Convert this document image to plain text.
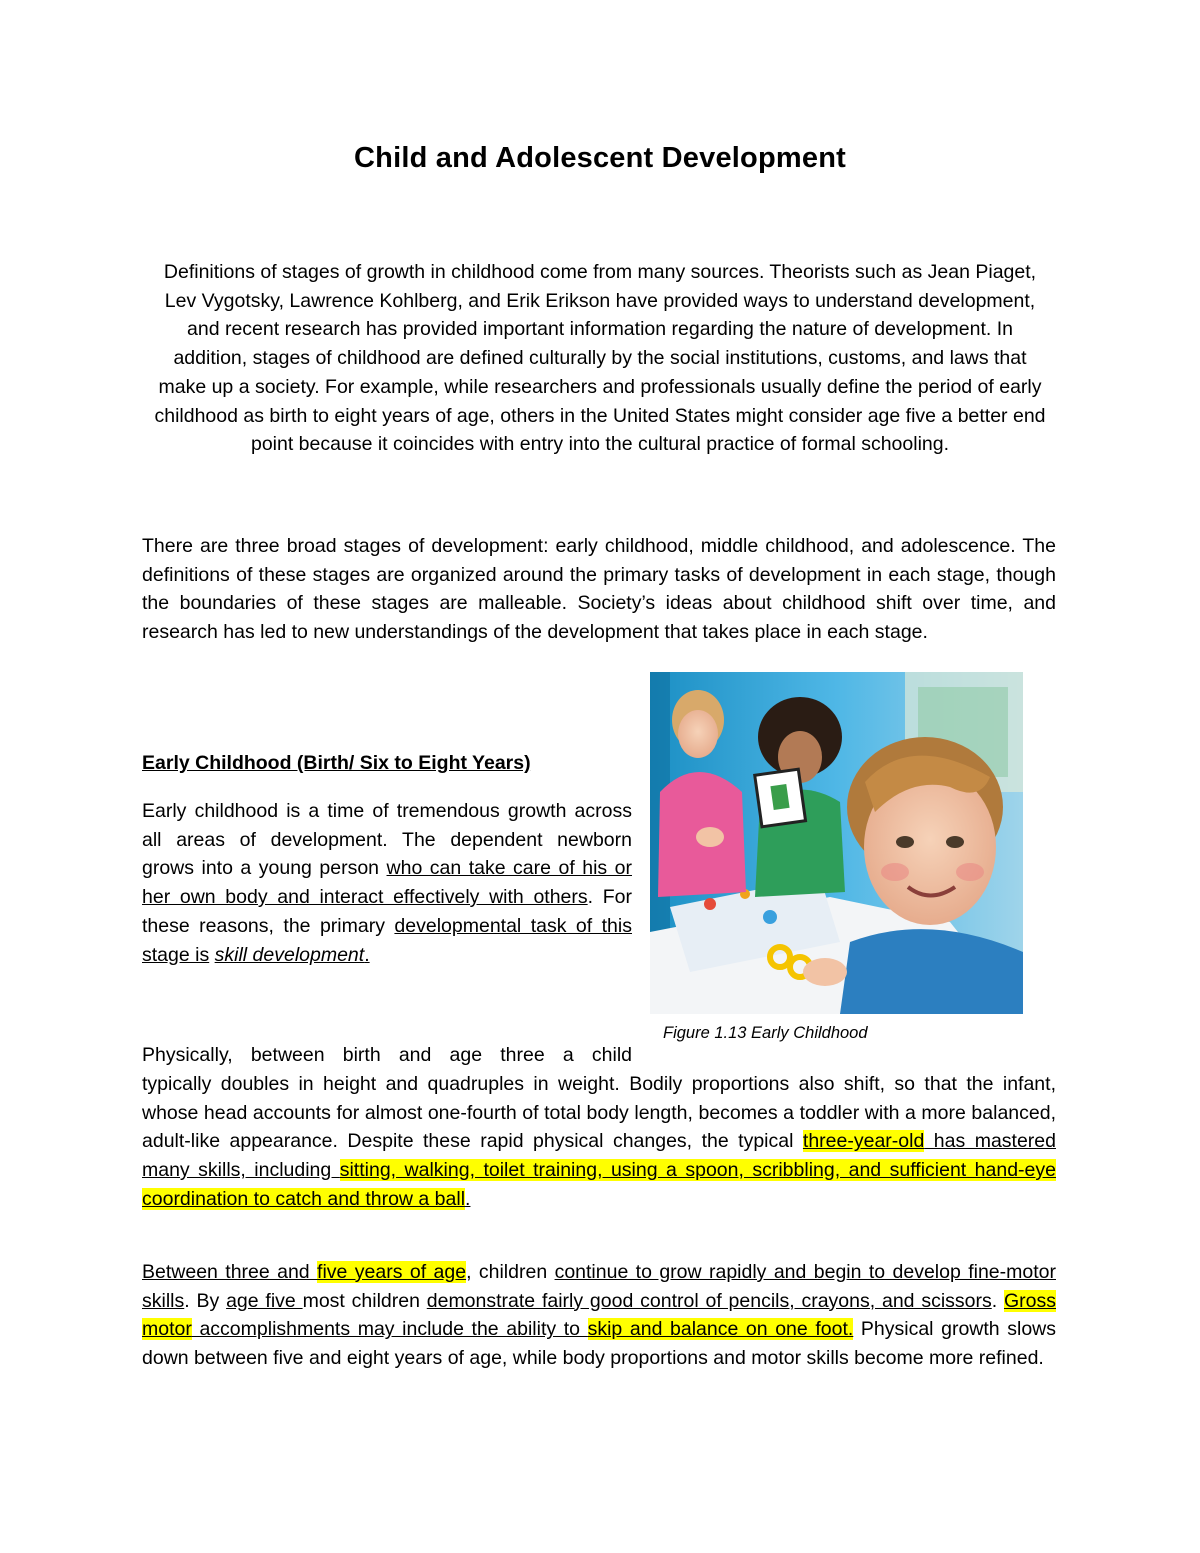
Child and Adolescent Development

Definitions of stages of growth in childhood come from many sources. Theorists such as Jean Piaget, Lev Vygotsky, Lawrence Kohlberg, and Erik Erikson have provided ways to understand development, and recent research has provided important information regarding the nature of development. In addition, stages of childhood are defined culturally by the social institutions, customs, and laws that make up a society. For example, while researchers and professionals usually define the period of early childhood as birth to eight years of age, others in the United States might consider age five a better end point because it coincides with entry into the cultural practice of formal schooling.

There are three broad stages of development: early childhood, middle childhood, and adolescence. The definitions of these stages are organized around the primary tasks of development in each stage, though the boundaries of these stages are malleable. Society’s ideas about childhood shift over time, and research has led to new understandings of the development that takes place in each stage.

Early Childhood (Birth/ Six to Eight Years)

Early childhood is a time of tremendous growth across all areas of development. The dependent newborn grows into a young person who can take care of his or her own body and interact effectively with others. For these reasons, the primary developmental task of this stage is skill development.

Figure 1.13 Early Childhood

Physically, between birth and age three a child

typically doubles in height and quadruples in weight. Bodily proportions also shift, so that the infant, whose head accounts for almost one-fourth of total body length, becomes a toddler with a more balanced, adult-like appearance. Despite these rapid physical changes, the typical three-year-old has mastered many skills, including sitting, walking, toilet training, using a spoon, scribbling, and sufficient hand-eye coordination to catch and throw a ball.

Between three and five years of age, children continue to grow rapidly and begin to develop fine-motor skills. By age five most children demonstrate fairly good control of pencils, crayons, and scissors. Gross motor accomplishments may include the ability to skip and balance on one foot. Physical growth slows down between five and eight years of age, while body proportions and motor skills become more refined.
